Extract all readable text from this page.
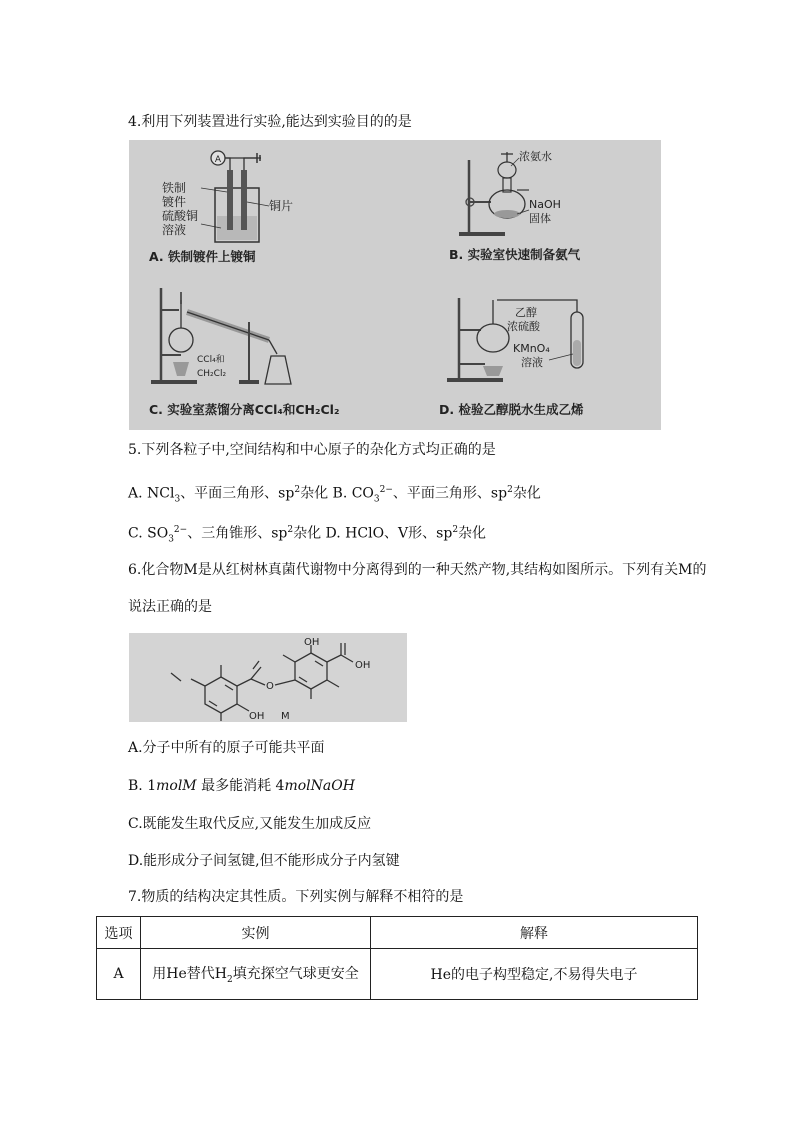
4.利用下列装置进行实验,能达到实验目的的是
A
铁制
镀件
硫酸铜
溶液
铜片
A. 铁制镀件上镀铜
浓氨水
NaOH
固体
B. 实验室快速制备氨气
CCl₄和
CH₂Cl₂
C. 实验室蒸馏分离CCl₄和CH₂Cl₂
乙醇
浓硫酸
KMnO₄
溶液
D. 检验乙醇脱水生成乙烯
5.下列各粒子中,空间结构和中心原子的杂化方式均正确的是
A. NCl$_3$、平面三角形、$sp^2$杂化 B. $CO_3^{2-}$、平面三角形、$sp^2$杂化
C. $SO_3^{2-}$、三角锥形、$sp^2$杂化 D. HClO、V形、$sp^2$杂化
6.化合物M是从红树林真菌代谢物中分离得到的一种天然产物,其结构如图所示。下列有关M的
说法正确的是
OH
OH
OH
O
M
A.分子中所有的原子可能共平面
B. 1molM 最多能消耗 4molNaOH
C.既能发生取代反应,又能发生加成反应
D.能形成分子间氢键,但不能形成分子内氢键
7.物质的结构决定其性质。下列实例与解释不相符的是
选项	实例	解释
A	用He替代$H_2$填充探空气球更安全	He的电子构型稳定,不易得失电子
